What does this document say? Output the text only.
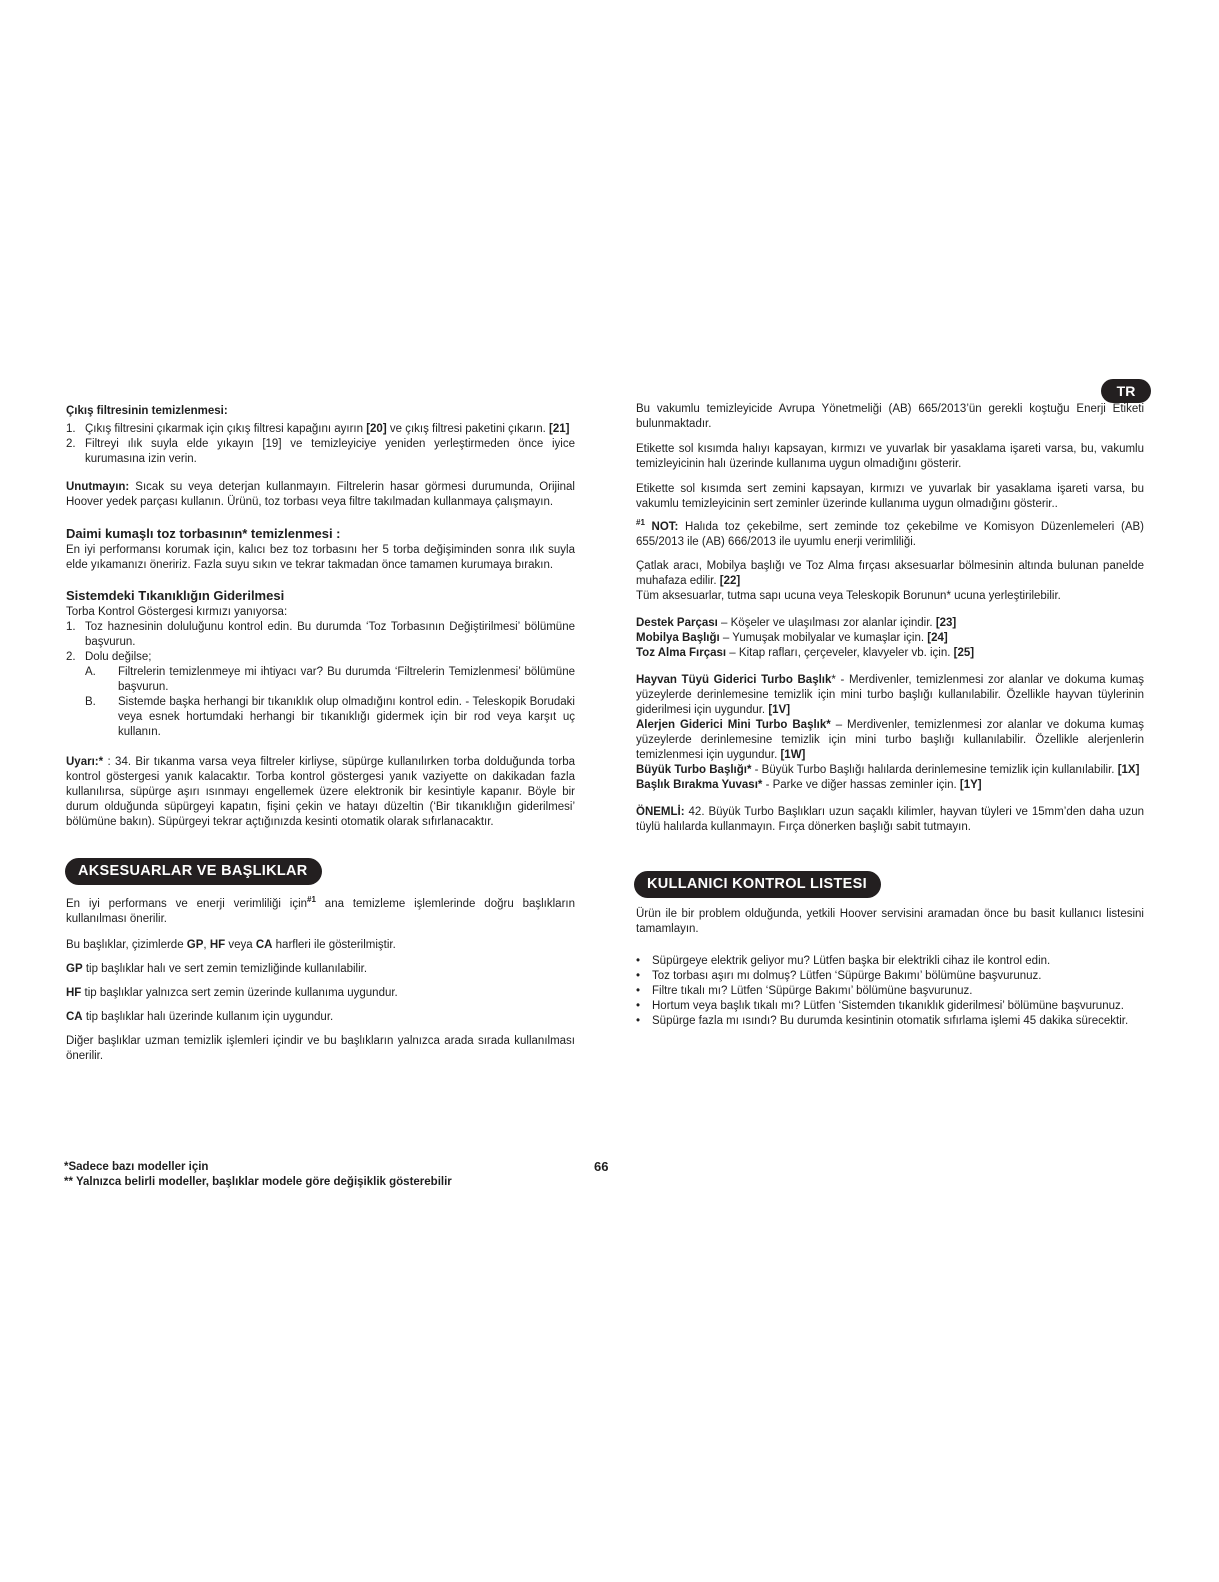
TR
Çıkış filtresinin temizlenmesi:
1. Çıkış filtresini çıkarmak için çıkış filtresi kapağını ayırın [20] ve çıkış filtresi paketini çıkarın. [21]
2. Filtreyi ılık suyla elde yıkayın [19] ve temizleyiciye yeniden yerleştirmeden önce iyice kurumasına izin verin.

Unutmayın: Sıcak su veya deterjan kullanmayın. Filtrelerin hasar görmesi durumunda, Orijinal Hoover yedek parçası kullanın. Ürünü, toz torbası veya filtre takılmadan kullanmaya çalışmayın.

Daimi kumaşlı toz torbasının* temizlenmesi :

En iyi performansı korumak için, kalıcı bez toz torbasını her 5 torba değişiminden sonra ılık suyla elde yıkamanızı öneririz. Fazla suyu sıkın ve tekrar takmadan önce tamamen kurumaya bırakın.

Sistemdeki Tıkanıklığın Giderilmesi

Torba Kontrol Göstergesi kırmızı yanıyorsa:

1. Toz haznesinin doluluğunu kontrol edin. Bu durumda ‘Toz Torbasının Değiştirilmesi’ bölümüne başvurun.
2. Dolu değilse;
A. Filtrelerin temizlenmeye mi ihtiyacı var? Bu durumda ‘Filtrelerin Temizlenmesi’ bölümüne başvurun.
B. Sistemde başka herhangi bir tıkanıklık olup olmadığını kontrol edin. - Teleskopik Borudaki veya esnek hortumdaki herhangi bir tıkanıklığı gidermek için bir rod veya karşıt uç kullanın.

Uyarı:* : 34. Bir tıkanma varsa veya filtreler kirliyse, süpürge kullanılırken torba dolduğunda torba kontrol göstergesi yanık kalacaktır. Torba kontrol göstergesi yanık vaziyette on dakikadan fazla kullanılırsa, süpürge aşırı ısınmayı engellemek üzere elektronik bir kesintiyle kapanır. Böyle bir durum olduğunda süpürgeyi kapatın, fişini çekin ve hatayı düzeltin (‘Bir tıkanıklığın giderilmesi’ bölümüne bakın). Süpürgeyi tekrar açtığınızda kesinti otomatik olarak sıfırlanacaktır.

AKSESUARLAR VE BAŞLIKLAR

En iyi performans ve enerji verimliliği için$^{\#1}$ ana temizleme işlemlerinde doğru başlıkların kullanılması önerilir.

Bu başlıklar, çizimlerde GP, HF veya CA harfleri ile gösterilmiştir.

GP tip başlıklar halı ve sert zemin temizliğinde kullanılabilir.

HF tip başlıklar yalnızca sert zemin üzerinde kullanıma uygundur.

CA tip başlıklar halı üzerinde kullanım için uygundur.

Diğer başlıklar uzman temizlik işlemleri içindir ve bu başlıkların yalnızca arada sırada kullanılması önerilir.

Bu vakumlu temizleyicide Avrupa Yönetmeliği (AB) 665/2013’ün gerekli koştuğu Enerji Etiketi bulunmaktadır.

Etikette sol kısımda halıyı kapsayan, kırmızı ve yuvarlak bir yasaklama işareti varsa, bu, vakumlu temizleyicinin halı üzerinde kullanıma uygun olmadığını gösterir.

Etikette sol kısımda sert zemini kapsayan, kırmızı ve yuvarlak bir yasaklama işareti varsa, bu vakumlu temizleyicinin sert zeminler üzerinde kullanıma uygun olmadığını gösterir..

$^{\#1}$ NOT: Halıda toz çekebilme, sert zeminde toz çekebilme ve Komisyon Düzenlemeleri (AB) 655/2013 ile (AB) 666/2013 ile uyumlu enerji verimliliği.

Çatlak aracı, Mobilya başlığı ve Toz Alma fırçası aksesuarlar bölmesinin altında bulunan panelde muhafaza edilir. [22]

Tüm aksesuarlar, tutma sapı ucuna veya Teleskopik Borunun* ucuna yerleştirilebilir.

Destek Parçası – Köşeler ve ulaşılması zor alanlar içindir. [23]

Mobilya Başlığı – Yumuşak mobilyalar ve kumaşlar için. [24]

Toz Alma Fırçası – Kitap rafları, çerçeveler, klavyeler vb. için. [25]

Hayvan Tüyü Giderici Turbo Başlık* - Merdivenler, temizlenmesi zor alanlar ve dokuma kumaş yüzeylerde derinlemesine temizlik için mini turbo başlığı kullanılabilir. Özellikle hayvan tüylerinin giderilmesi için uygundur. [1V]

Alerjen Giderici Mini Turbo Başlık* – Merdivenler, temizlenmesi zor alanlar ve dokuma kumaş yüzeylerde derinlemesine temizlik için mini turbo başlığı kullanılabilir. Özellikle alerjenlerin temizlenmesi için uygundur. [1W]

Büyük Turbo Başlığı* - Büyük Turbo Başlığı halılarda derinlemesine temizlik için kullanılabilir. [1X]

Başlık Bırakma Yuvası* - Parke ve diğer hassas zeminler için. [1Y]

ÖNEMLİ: 42. Büyük Turbo Başlıkları uzun saçaklı kilimler, hayvan tüyleri ve 15mm’den daha uzun tüylü halılarda kullanmayın. Fırça dönerken başlığı sabit tutmayın.

KULLANICI KONTROL LISTESI

Ürün ile bir problem olduğunda, yetkili Hoover servisini aramadan önce bu basit kullanıcı listesini tamamlayın.

• Süpürgeye elektrik geliyor mu? Lütfen başka bir elektrikli cihaz ile kontrol edin.
• Toz torbası aşırı mı dolmuş? Lütfen ‘Süpürge Bakımı’ bölümüne başvurunuz.
• Filtre tıkalı mı? Lütfen ‘Süpürge Bakımı’ bölümüne başvurunuz.
• Hortum veya başlık tıkalı mı? Lütfen ‘Sistemden tıkanıklık giderilmesi’ bölümüne başvurunuz.
• Süpürge fazla mı ısındı? Bu durumda kesintinin otomatik sıfırlama işlemi 45 dakika sürecektir.
*Sadece bazı modeller için
** Yalnızca belirli modeller, başlıklar modele göre değişiklik gösterebilir
66
